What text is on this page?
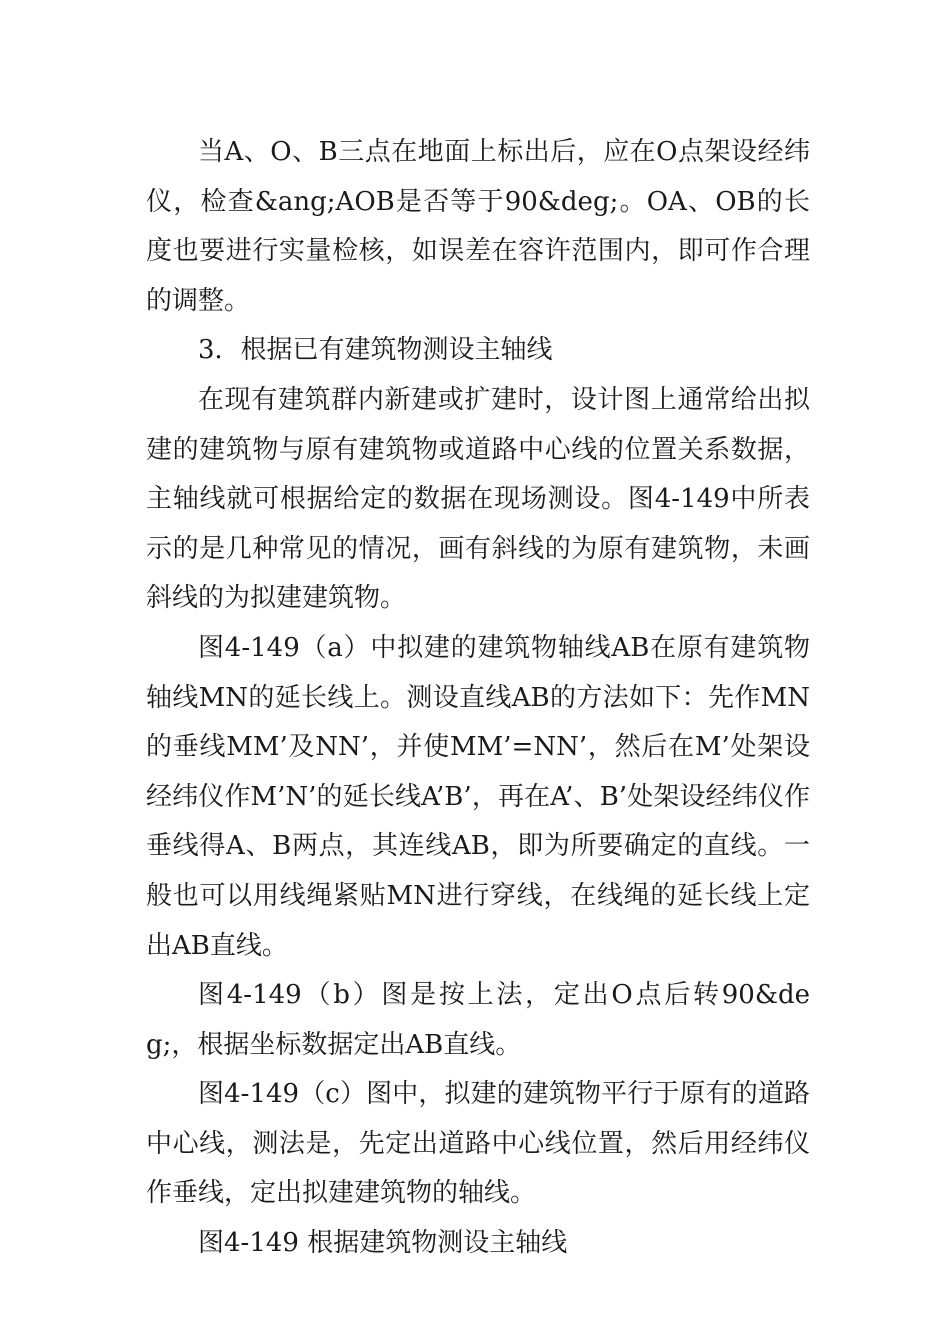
当A、O、B三点在地面上标出后，应在O点架设经纬仪，检查&ang;AOB是否等于90&deg;。OA、OB的长度也要进行实量检核，如误差在容许范围内，即可作合理的调整。

3．根据已有建筑物测设主轴线

在现有建筑群内新建或扩建时，设计图上通常给出拟建的建筑物与原有建筑物或道路中心线的位置关系数据，主轴线就可根据给定的数据在现场测设。图4-149中所表示的是几种常见的情况，画有斜线的为原有建筑物，未画斜线的为拟建建筑物。

图4-149（a）中拟建的建筑物轴线AB在原有建筑物轴线MN的延长线上。测设直线AB的方法如下：先作MN的垂线MM’及NN’，并使MM’=NN’，然后在M’处架设经纬仪作M’N’的延长线A’B’，再在A’、B’处架设经纬仪作垂线得A、B两点，其连线AB，即为所要确定的直线。一般也可以用线绳紧贴MN进行穿线，在线绳的延长线上定出AB直线。

图4-149（b）图是按上法，定出O点后转90&deg;，根据坐标数据定出AB直线。

图4-149（c）图中，拟建的建筑物平行于原有的道路中心线，测法是，先定出道路中心线位置，然后用经纬仪作垂线，定出拟建建筑物的轴线。

图4-149 根据建筑物测设主轴线
